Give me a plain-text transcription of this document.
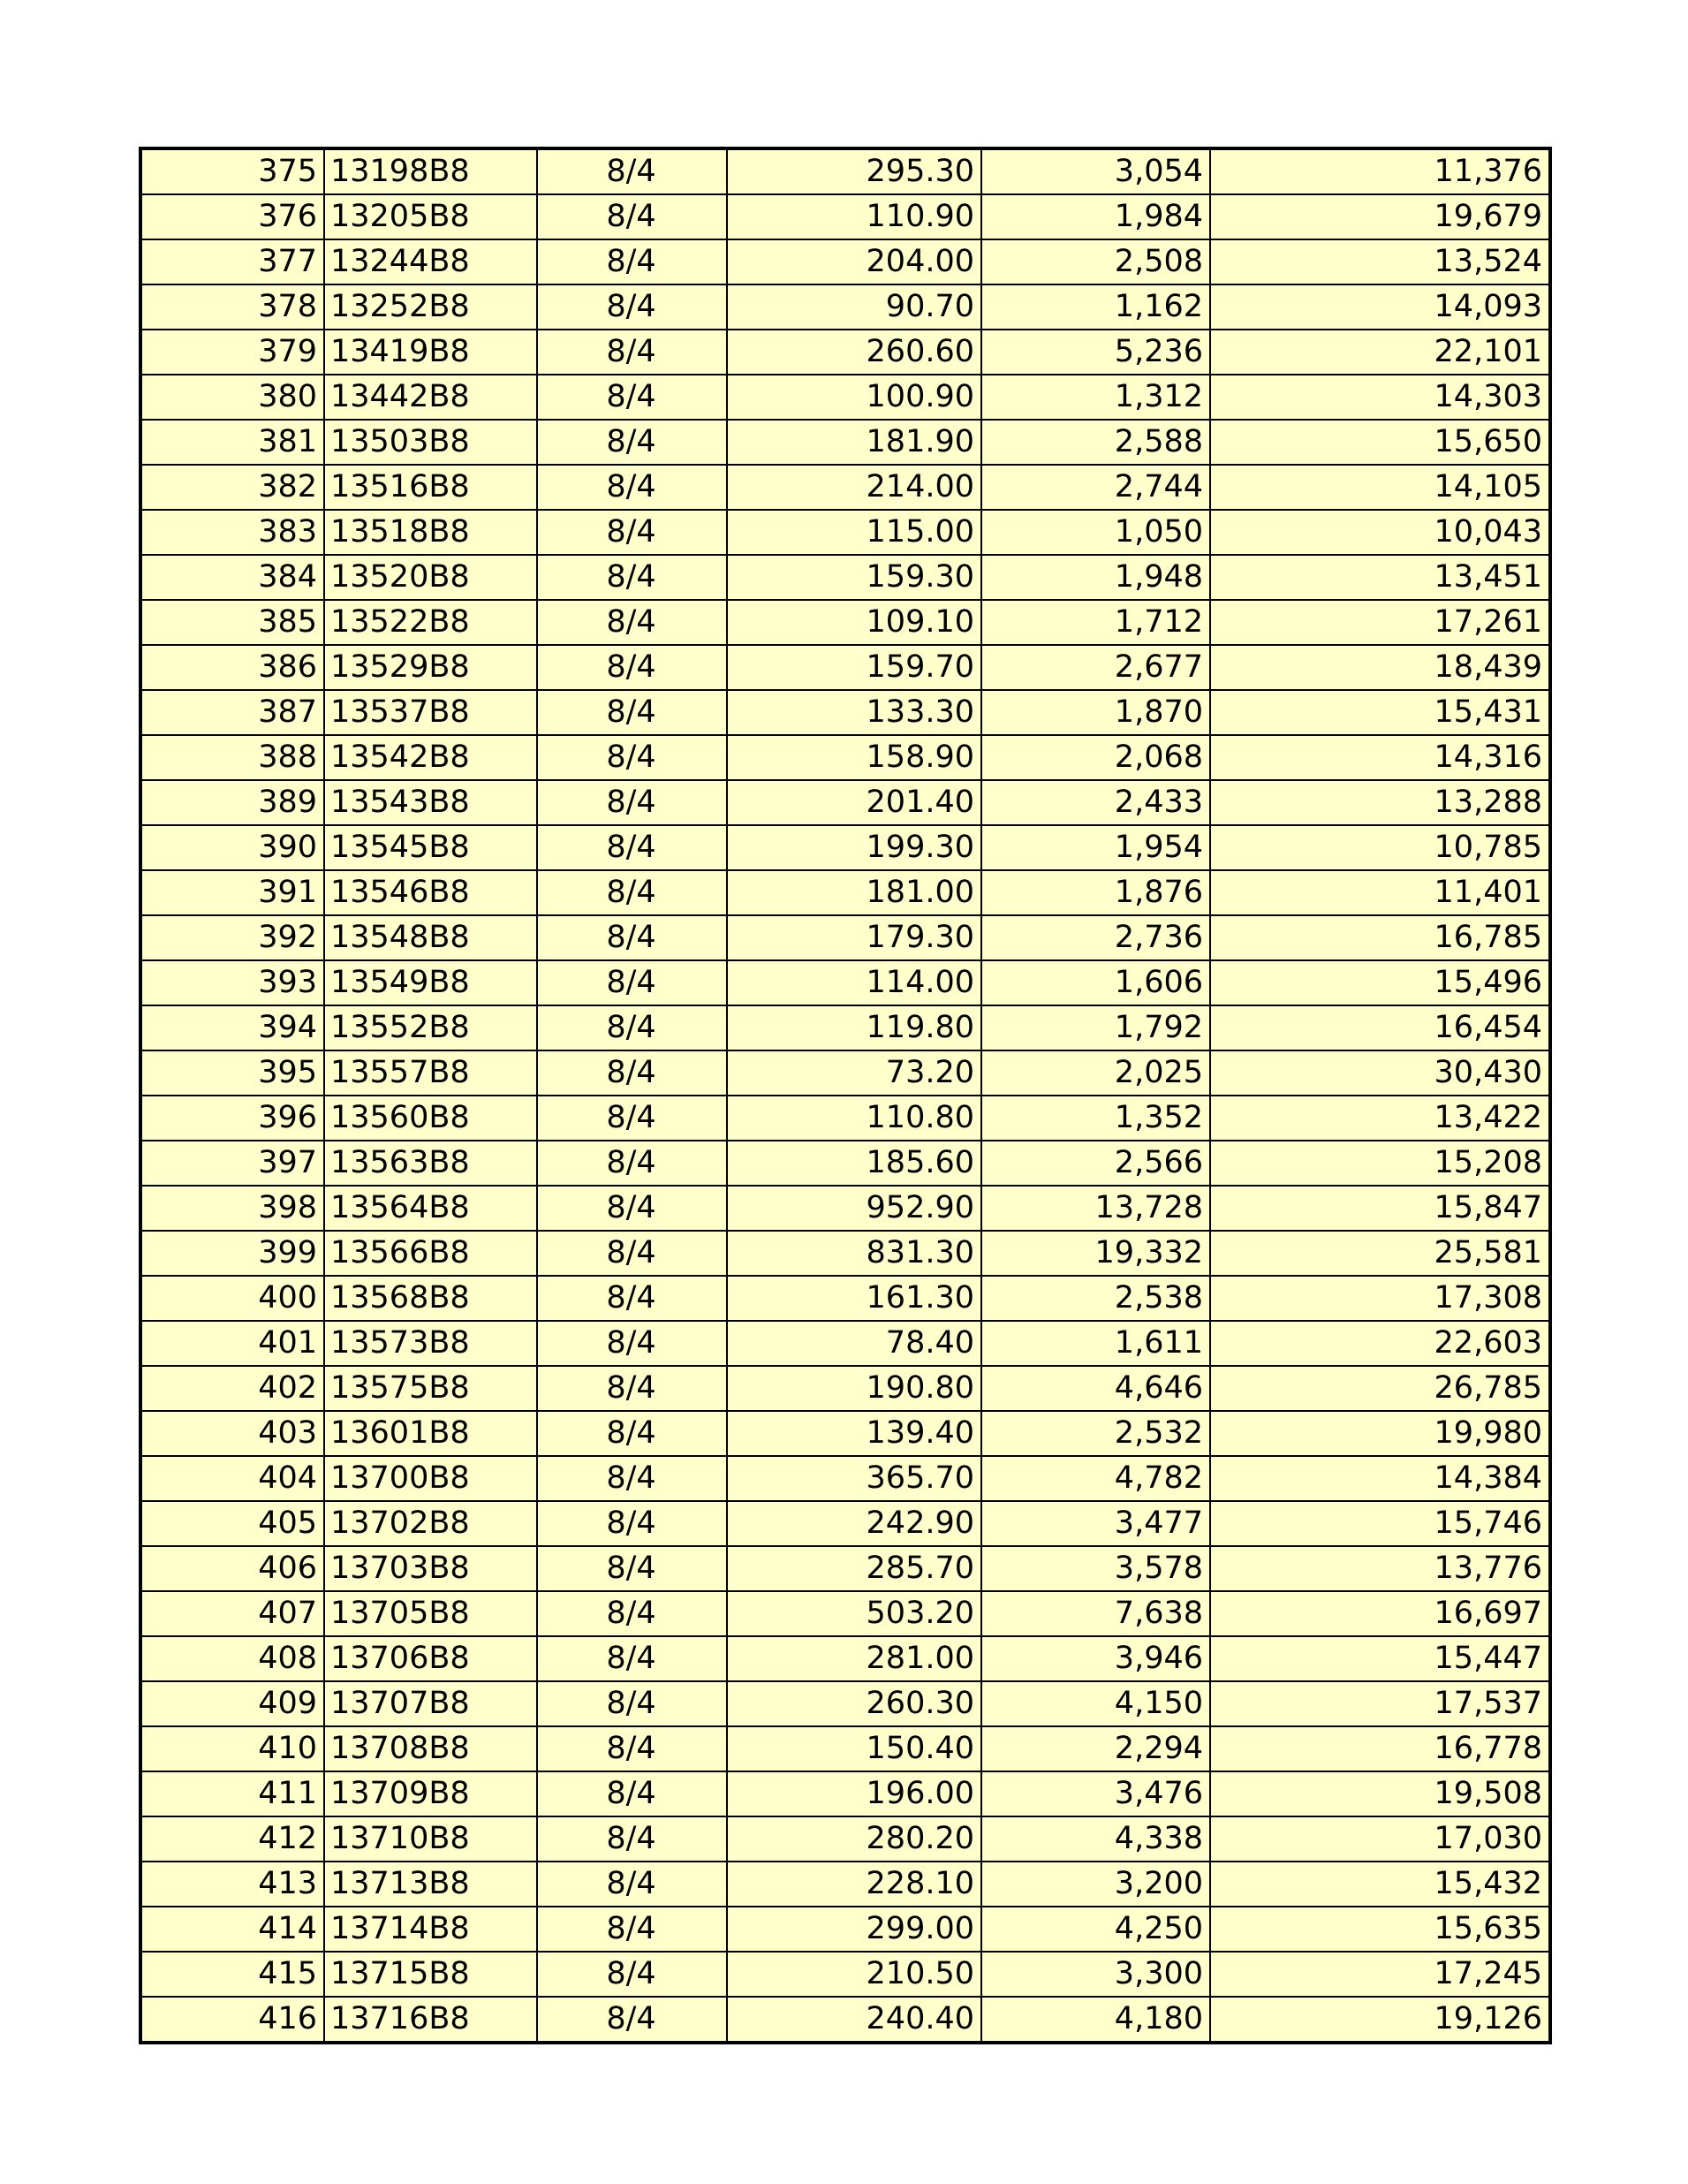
375	13198B8	8/4	295.30	3,054	11,376
376	13205B8	8/4	110.90	1,984	19,679
377	13244B8	8/4	204.00	2,508	13,524
378	13252B8	8/4	90.70	1,162	14,093
379	13419B8	8/4	260.60	5,236	22,101
380	13442B8	8/4	100.90	1,312	14,303
381	13503B8	8/4	181.90	2,588	15,650
382	13516B8	8/4	214.00	2,744	14,105
383	13518B8	8/4	115.00	1,050	10,043
384	13520B8	8/4	159.30	1,948	13,451
385	13522B8	8/4	109.10	1,712	17,261
386	13529B8	8/4	159.70	2,677	18,439
387	13537B8	8/4	133.30	1,870	15,431
388	13542B8	8/4	158.90	2,068	14,316
389	13543B8	8/4	201.40	2,433	13,288
390	13545B8	8/4	199.30	1,954	10,785
391	13546B8	8/4	181.00	1,876	11,401
392	13548B8	8/4	179.30	2,736	16,785
393	13549B8	8/4	114.00	1,606	15,496
394	13552B8	8/4	119.80	1,792	16,454
395	13557B8	8/4	73.20	2,025	30,430
396	13560B8	8/4	110.80	1,352	13,422
397	13563B8	8/4	185.60	2,566	15,208
398	13564B8	8/4	952.90	13,728	15,847
399	13566B8	8/4	831.30	19,332	25,581
400	13568B8	8/4	161.30	2,538	17,308
401	13573B8	8/4	78.40	1,611	22,603
402	13575B8	8/4	190.80	4,646	26,785
403	13601B8	8/4	139.40	2,532	19,980
404	13700B8	8/4	365.70	4,782	14,384
405	13702B8	8/4	242.90	3,477	15,746
406	13703B8	8/4	285.70	3,578	13,776
407	13705B8	8/4	503.20	7,638	16,697
408	13706B8	8/4	281.00	3,946	15,447
409	13707B8	8/4	260.30	4,150	17,537
410	13708B8	8/4	150.40	2,294	16,778
411	13709B8	8/4	196.00	3,476	19,508
412	13710B8	8/4	280.20	4,338	17,030
413	13713B8	8/4	228.10	3,200	15,432
414	13714B8	8/4	299.00	4,250	15,635
415	13715B8	8/4	210.50	3,300	17,245
416	13716B8	8/4	240.40	4,180	19,126
